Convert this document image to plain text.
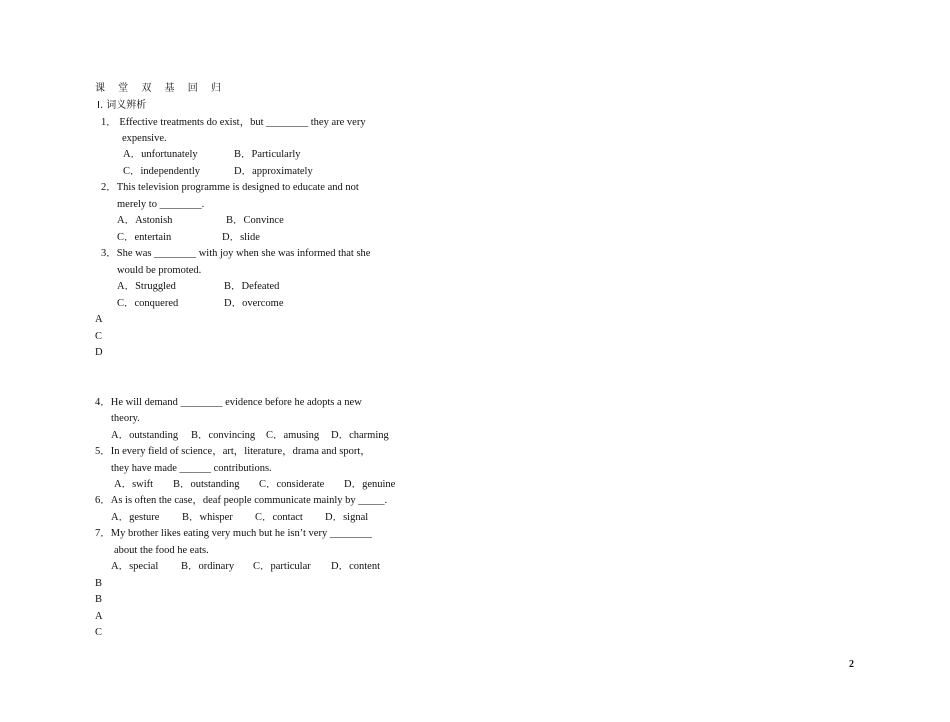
课 堂 双 基 回 归
Ⅰ. 词义辨析
1． Effective treatments do exist，but ________ they are very
expensive.
A．unfortunately	B．Particularly
C．independently	D．approximately
2．This television programme is designed to educate and not
merely to ________.
A．Astonish	B．Convince
C．entertain	D．slide
3．She was ________ with joy when she was informed that she
would be promoted.
A．Struggled	B．Defeated
C．conquered	D．overcome
A
C
D
4．He will demand ________ evidence before he adopts a new
theory.
A．outstanding B．convincing C．amusing D．charming
5．In every field of science，art，literature，drama and sport，
they have made ______ contributions.
A．swift B．outstanding C．considerate D．genuine
6．As is often the case，deaf people communicate mainly by _____.
A．gesture B．whisper C．contact D．signal
7．My brother likes eating very much but he isn’t very ________
about the food he eats.
A．special B．ordinary C．particular D．content
B
B
A
C
2
